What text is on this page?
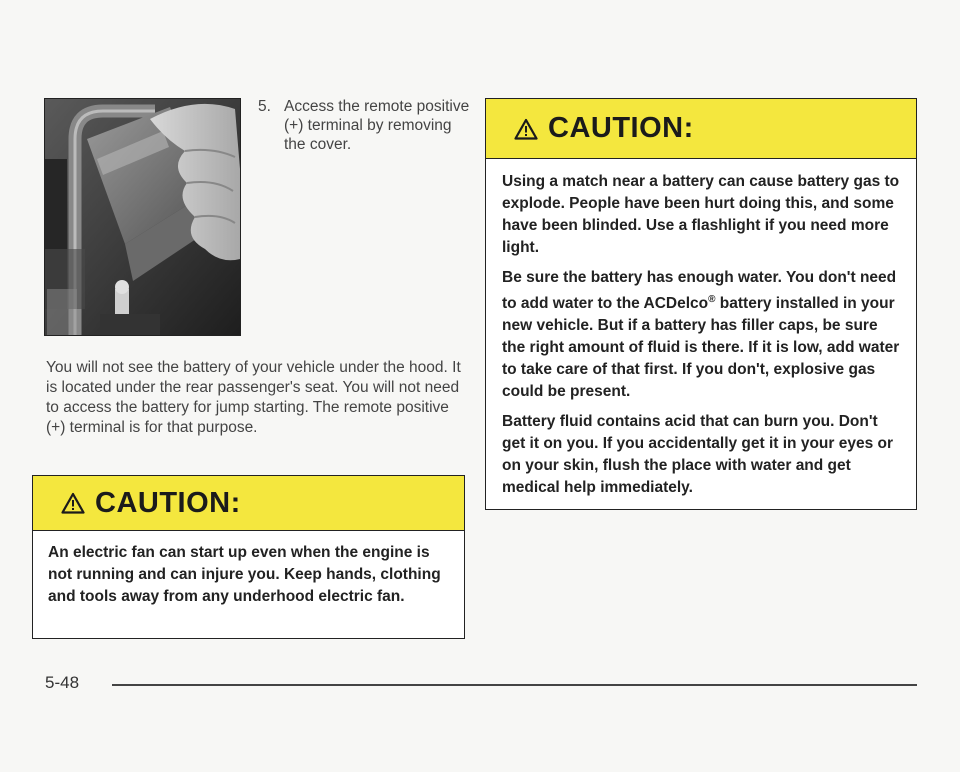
5. Access the remote positive (+) terminal by removing the cover.
You will not see the battery of your vehicle under the hood. It is located under the rear passenger's seat. You will not need to access the battery for jump starting. The remote positive (+) terminal is for that purpose.
CAUTION:

An electric fan can start up even when the engine is not running and can injure you. Keep hands, clothing and tools away from any underhood electric fan.

CAUTION:

Using a match near a battery can cause battery gas to explode. People have been hurt doing this, and some have been blinded. Use a flashlight if you need more light.

Be sure the battery has enough water. You don't need to add water to the ACDelco® battery installed in your new vehicle. But if a battery has filler caps, be sure the right amount of fluid is there. If it is low, add water to take care of that first. If you don't, explosive gas could be present.

Battery fluid contains acid that can burn you. Don't get it on you. If you accidentally get it in your eyes or on your skin, flush the place with water and get medical help immediately.

5-48
